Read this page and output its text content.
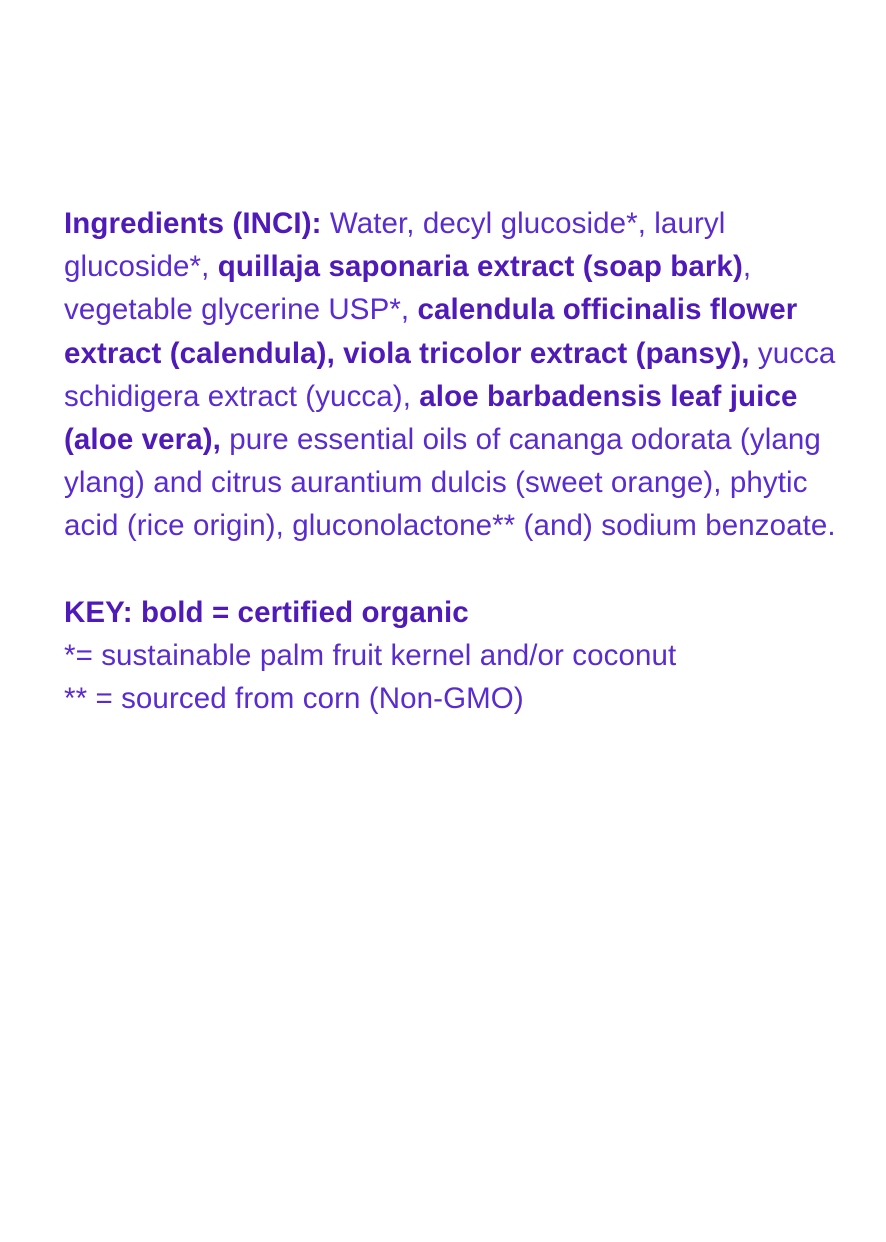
Ingredients (INCI): Water, decyl glucoside*, lauryl glucoside*, quillaja saponaria extract (soap bark), vegetable glycerine USP*, calendula officinalis flower extract (calendula), viola tricolor extract (pansy), yucca schidigera extract (yucca), aloe barbadensis leaf juice (aloe vera), pure essential oils of cananga odorata (ylang ylang) and citrus aurantium dulcis (sweet orange), phytic acid (rice origin), gluconolactone** (and) sodium benzoate.

KEY: bold = certified organic
*= sustainable palm fruit kernel and/or coconut
** = sourced from corn (Non-GMO)
